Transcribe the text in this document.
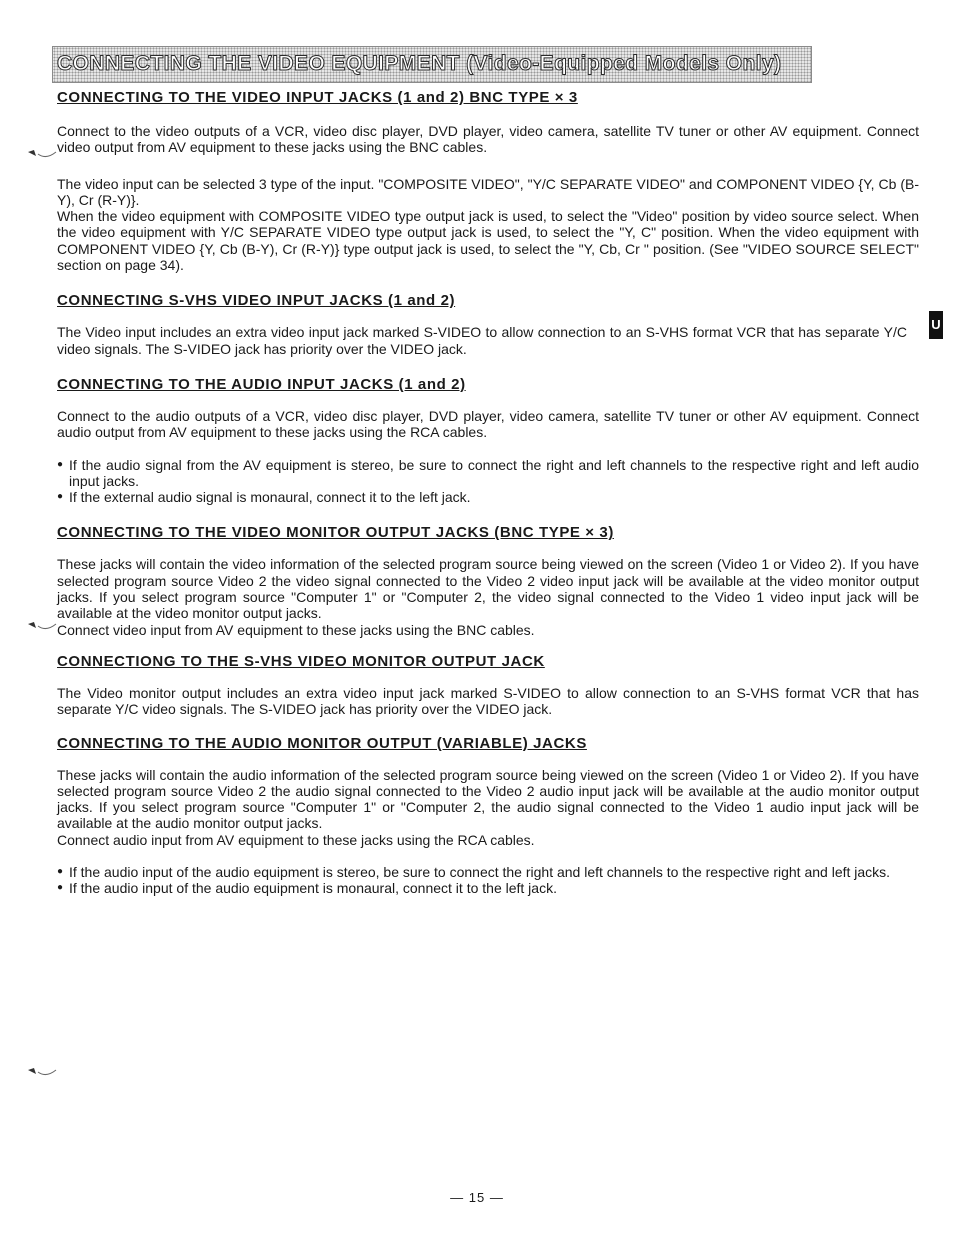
CONNECTING THE VIDEO EQUIPMENT (Video-Equipped Models Only)
U
CONNECTING TO THE VIDEO INPUT JACKS (1 and 2) BNC TYPE × 3

Connect to the video outputs of a VCR, video disc player, DVD player, video camera, satellite TV tuner or other AV equipment. Connect video output from AV equipment to these jacks using the BNC cables.

The video input can be selected 3 type of the input. "COMPOSITE VIDEO", "Y/C SEPARATE VIDEO" and COMPONENT VIDEO {Y, Cb (B-Y), Cr (R-Y)}.

When the video equipment with COMPOSITE VIDEO type output jack is used, to select the "Video" position by video source select. When the video equipment with Y/C SEPARATE VIDEO type output jack is used, to select the "Y, C" position. When the video equipment with COMPONENT VIDEO {Y, Cb (B-Y), Cr (R-Y)} type output jack is used, to select the "Y, Cb, Cr " position. (See "VIDEO SOURCE SELECT" section on page 34).

CONNECTING S-VHS VIDEO INPUT JACKS (1 and 2)

The Video input includes an extra video input jack marked S-VIDEO to allow connection to an S-VHS format VCR that has separate Y/C video signals. The S-VIDEO jack has priority over the VIDEO jack.

CONNECTING TO THE AUDIO INPUT JACKS (1 and 2)

Connect to the audio outputs of a VCR, video disc player, DVD player, video camera, satellite TV tuner or other AV equipment. Connect audio output from AV equipment to these jacks using the RCA cables.

● If the audio signal from the AV equipment is stereo, be sure to connect the right and left channels to the respective right and left audio input jacks.
● If the external audio signal is monaural, connect it to the left jack.
CONNECTING TO THE VIDEO MONITOR OUTPUT JACKS (BNC TYPE × 3)

These jacks will contain the video information of the selected program source being viewed on the screen (Video 1 or Video 2). If you have selected program source Video 2 the video signal connected to the Video 2 video input jack will be available at the video monitor output jacks. If you select program source "Computer 1" or "Computer 2, the video signal connected to the Video 1 video input jack will be available at the video monitor output jacks.

Connect video input from AV equipment to these jacks using the BNC cables.

CONNECTIONG TO THE S-VHS VIDEO MONITOR OUTPUT JACK

The Video monitor output includes an extra video input jack marked S-VIDEO to allow connection to an S-VHS format VCR that has separate Y/C video signals. The S-VIDEO jack has priority over the VIDEO jack.

CONNECTING TO THE AUDIO MONITOR OUTPUT (VARIABLE) JACKS

These jacks will contain the audio information of the selected program source being viewed on the screen (Video 1 or Video 2). If you have selected program source Video 2 the audio signal connected to the Video 2 audio input jack will be available at the audio monitor output jacks. If you select program source "Computer 1" or "Computer 2, the audio signal connected to the Video 1 audio input jack will be available at the audio monitor output jacks.

Connect audio input from AV equipment to these jacks using the RCA cables.

● If the audio input of the audio equipment is stereo, be sure to connect the right and left channels to the respective right and left jacks.
● If the audio input of the audio equipment is monaural, connect it to the left jack.
— 15 —
